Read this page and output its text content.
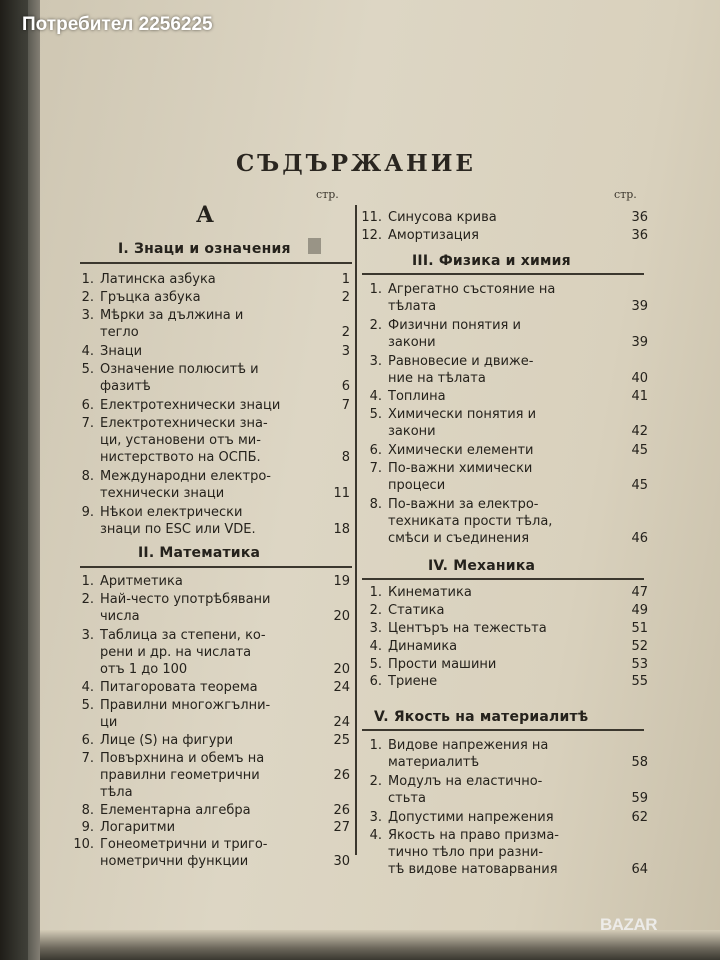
Потребител 2256225
BAZAR
СЪДЪРЖАНИЕ
стр.	стр.
А
I. Знаци и означения
1. Латинска азбука	1
2. Гръцка азбука	2
3. Мѣрки за дължина и
тегло	2
4. Знаци	3
5. Означение полюситѣ и
фазитѣ	6
6. Електротехнически знаци	7
7. Електротехнически зна-
ци, установени отъ ми-
нистерството на ОСПБ.	8
8. Международни електро-
технически знаци	11
9. Нѣкои електрически
знаци по ESC или VDE.	18
II. Математика
1. Аритметика	19
2. Най-често употрѣбявани
числа	20
3. Таблица за степени, ко-
рени и др. на числата
отъ 1 до 100	20
4. Питагоровата теорема	24
5. Правилни многожгълни-
ци	24
6. Лице (S) на фигури	25
7. Повърхнина и обемъ на
правилни геометрични
тѣла
26
8. Елементарна алгебра	26
9. Логаритми	27
10. Гонеометрични и триго-
нометрични функции	30
11. Синусова крива	36
12. Амортизация	36
III. Физика и химия
1. Агрегатно състояние на
тѣлата	39
2. Физични понятия и
закони	39
3. Равновесие и движе-
ние на тѣлата	40
4. Топлина	41
5. Химически понятия и
закони	42
6. Химически елементи	45
7. По-важни химически
процеси	45
8. По-важни за електро-
техниката прости тѣла,
смѣси и съединения	46
IV. Механика
1. Кинематика	47
2. Статика	49
3. Центъръ на тежестьта	51
4. Динамика	52
5. Прости машини	53
6. Триене	55
V. Якость на материалитѣ
1. Видове напрежения на
материалитѣ	58
2. Модулъ на еластично-
стьта	59
3. Допустими напрежения	62
4. Якость на право призма-
тично тѣло при разни-
тѣ видове натоварвания	64
